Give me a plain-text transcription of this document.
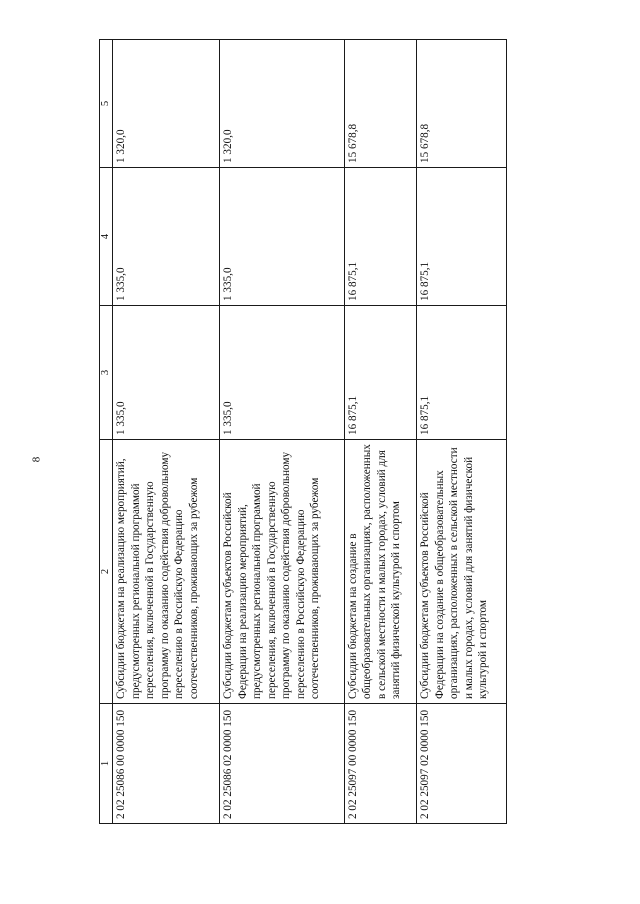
8
1	2	3	4	5
2 02 25086 00 0000 150	Субсидии бюджетам на реализацию мероприятий, предусмотренных региональной программой переселения, включенной в Государственную программу по оказанию содействия добровольному переселению в Российскую Федерацию соотечественников, проживающих за рубежом	1 335,0	1 335,0	1 320,0
2 02 25086 02 0000 150	Субсидии бюджетам субъектов Российской Федерации на реализацию мероприятий, предусмотренных региональной программой переселения, включенной в Государственную программу по оказанию содействия добровольному переселению в Российскую Федерацию соотечественников, проживающих за рубежом	1 335,0	1 335,0	1 320,0
2 02 25097 00 0000 150	Субсидии бюджетам на создание в общеобразовательных организациях, расположенных в сельской местности и малых городах, условий для занятий физической культурой и спортом	16 875,1	16 875,1	15 678,8
2 02 25097 02 0000 150	Субсидии бюджетам субъектов Российской Федерации на создание в общеобразовательных организациях, расположенных в сельской местности и малых городах, условий для занятий физической культурой и спортом	16 875,1	16 875,1	15 678,8
